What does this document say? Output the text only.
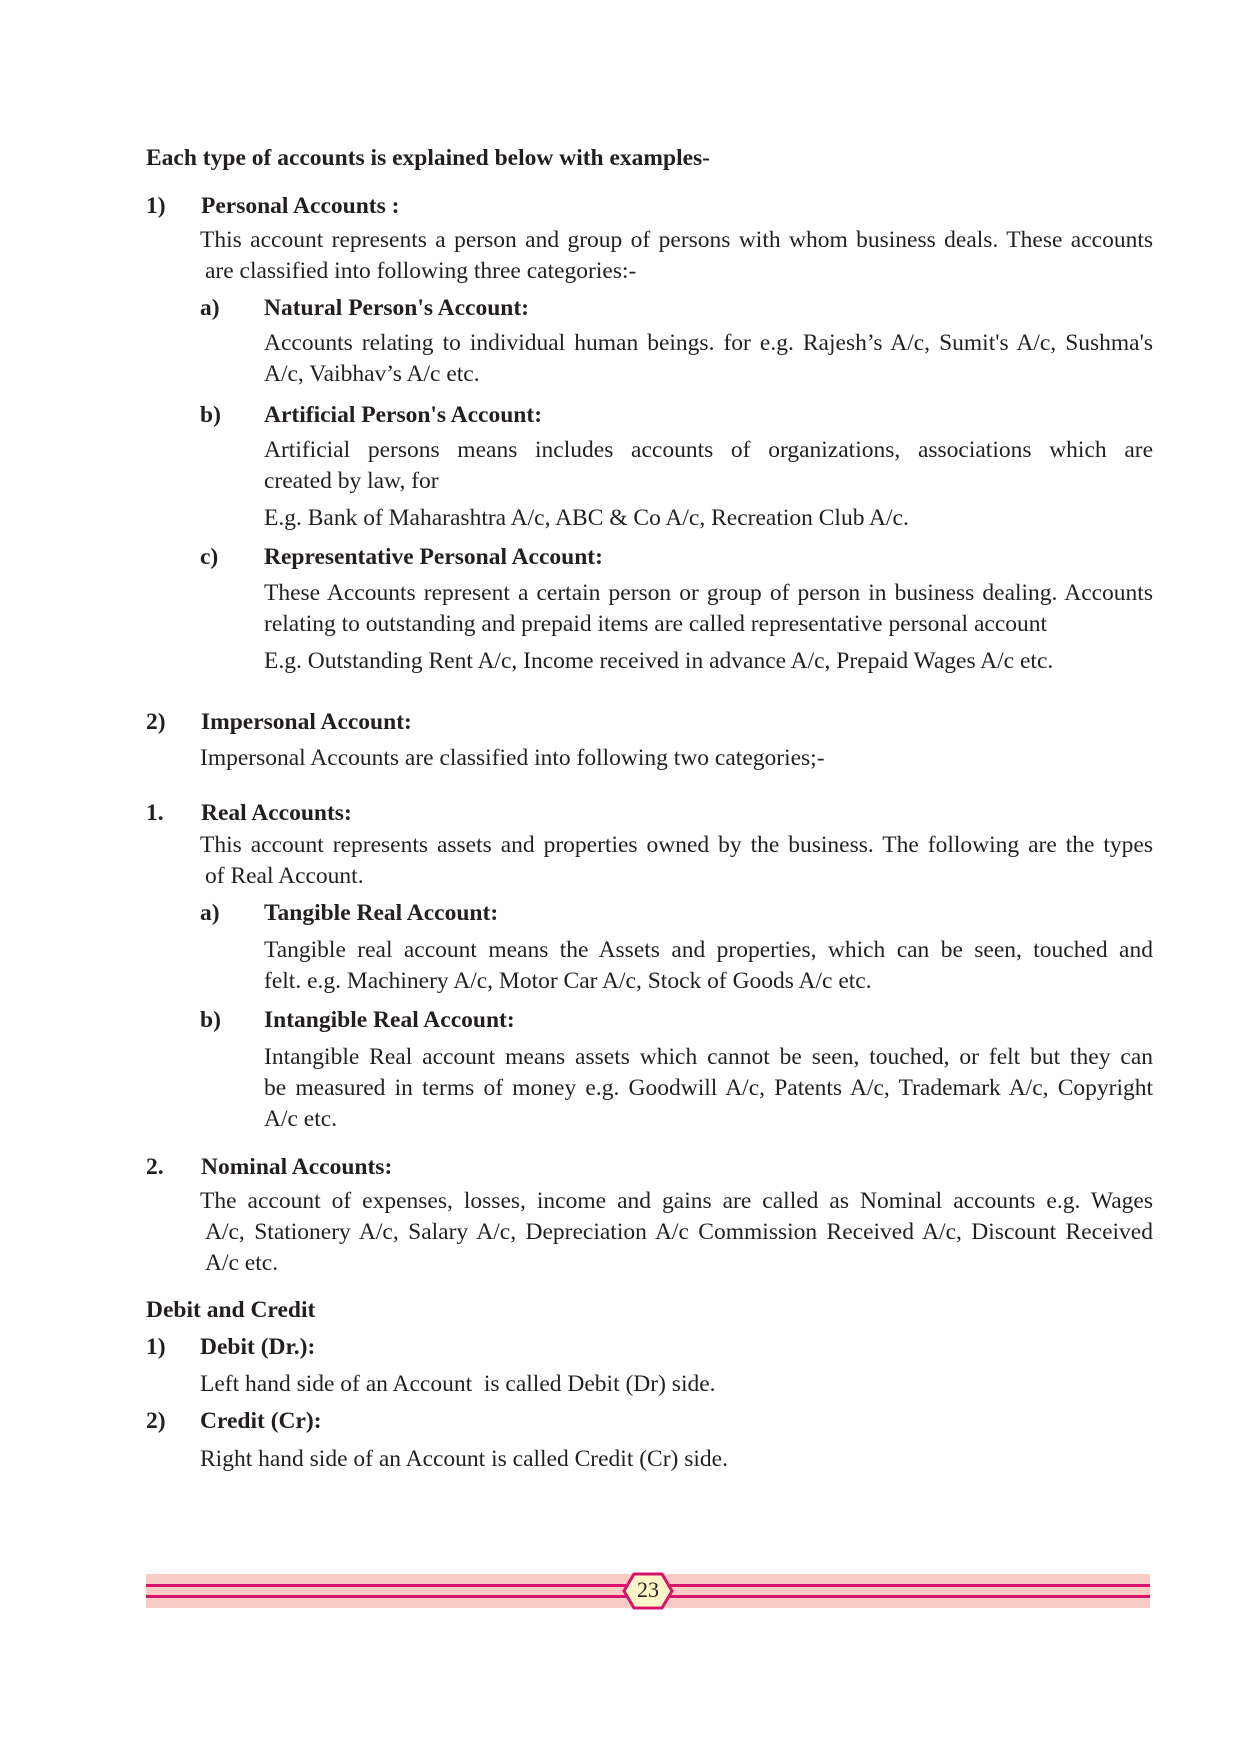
Each type of accounts is explained below with examples-
1) Personal Accounts :
This account represents a person and group of persons with whom business deals. These accounts
are classified into following three categories:-
a) Natural Person's Account:
Accounts relating to individual human beings. for e.g. Rajesh’s A/c, Sumit's A/c, Sushma's
A/c, Vaibhav’s A/c etc.
b) Artificial Person's Account:
Artificial persons means includes accounts of organizations, associations which are
created by law, for
E.g. Bank of Maharashtra A/c, ABC & Co A/c, Recreation Club A/c.
c) Representative Personal Account:
These Accounts represent a certain person or group of person in business dealing. Accounts
relating to outstanding and prepaid items are called representative personal account
E.g. Outstanding Rent A/c, Income received in advance A/c, Prepaid Wages A/c etc.
2) Impersonal Account:
Impersonal Accounts are classified into following two categories;-
1. Real Accounts:
This account represents assets and properties owned by the business. The following are the types
of Real Account.
a) Tangible Real Account:
Tangible real account means the Assets and properties, which can be seen, touched and
felt. e.g. Machinery A/c, Motor Car A/c, Stock of Goods A/c etc.
b) Intangible Real Account:
Intangible Real account means assets which cannot be seen, touched, or felt but they can
be measured in terms of money e.g. Goodwill A/c, Patents A/c, Trademark A/c, Copyright
A/c etc.
2. Nominal Accounts:
The account of expenses, losses, income and gains are called as Nominal accounts e.g. Wages
A/c, Stationery A/c, Salary A/c, Depreciation A/c Commission Received A/c, Discount Received
A/c etc.
Debit and Credit
1) Debit (Dr.):
Left hand side of an Account  is called Debit (Dr) side.
2) Credit (Cr):
Right hand side of an Account is called Credit (Cr) side.
23
